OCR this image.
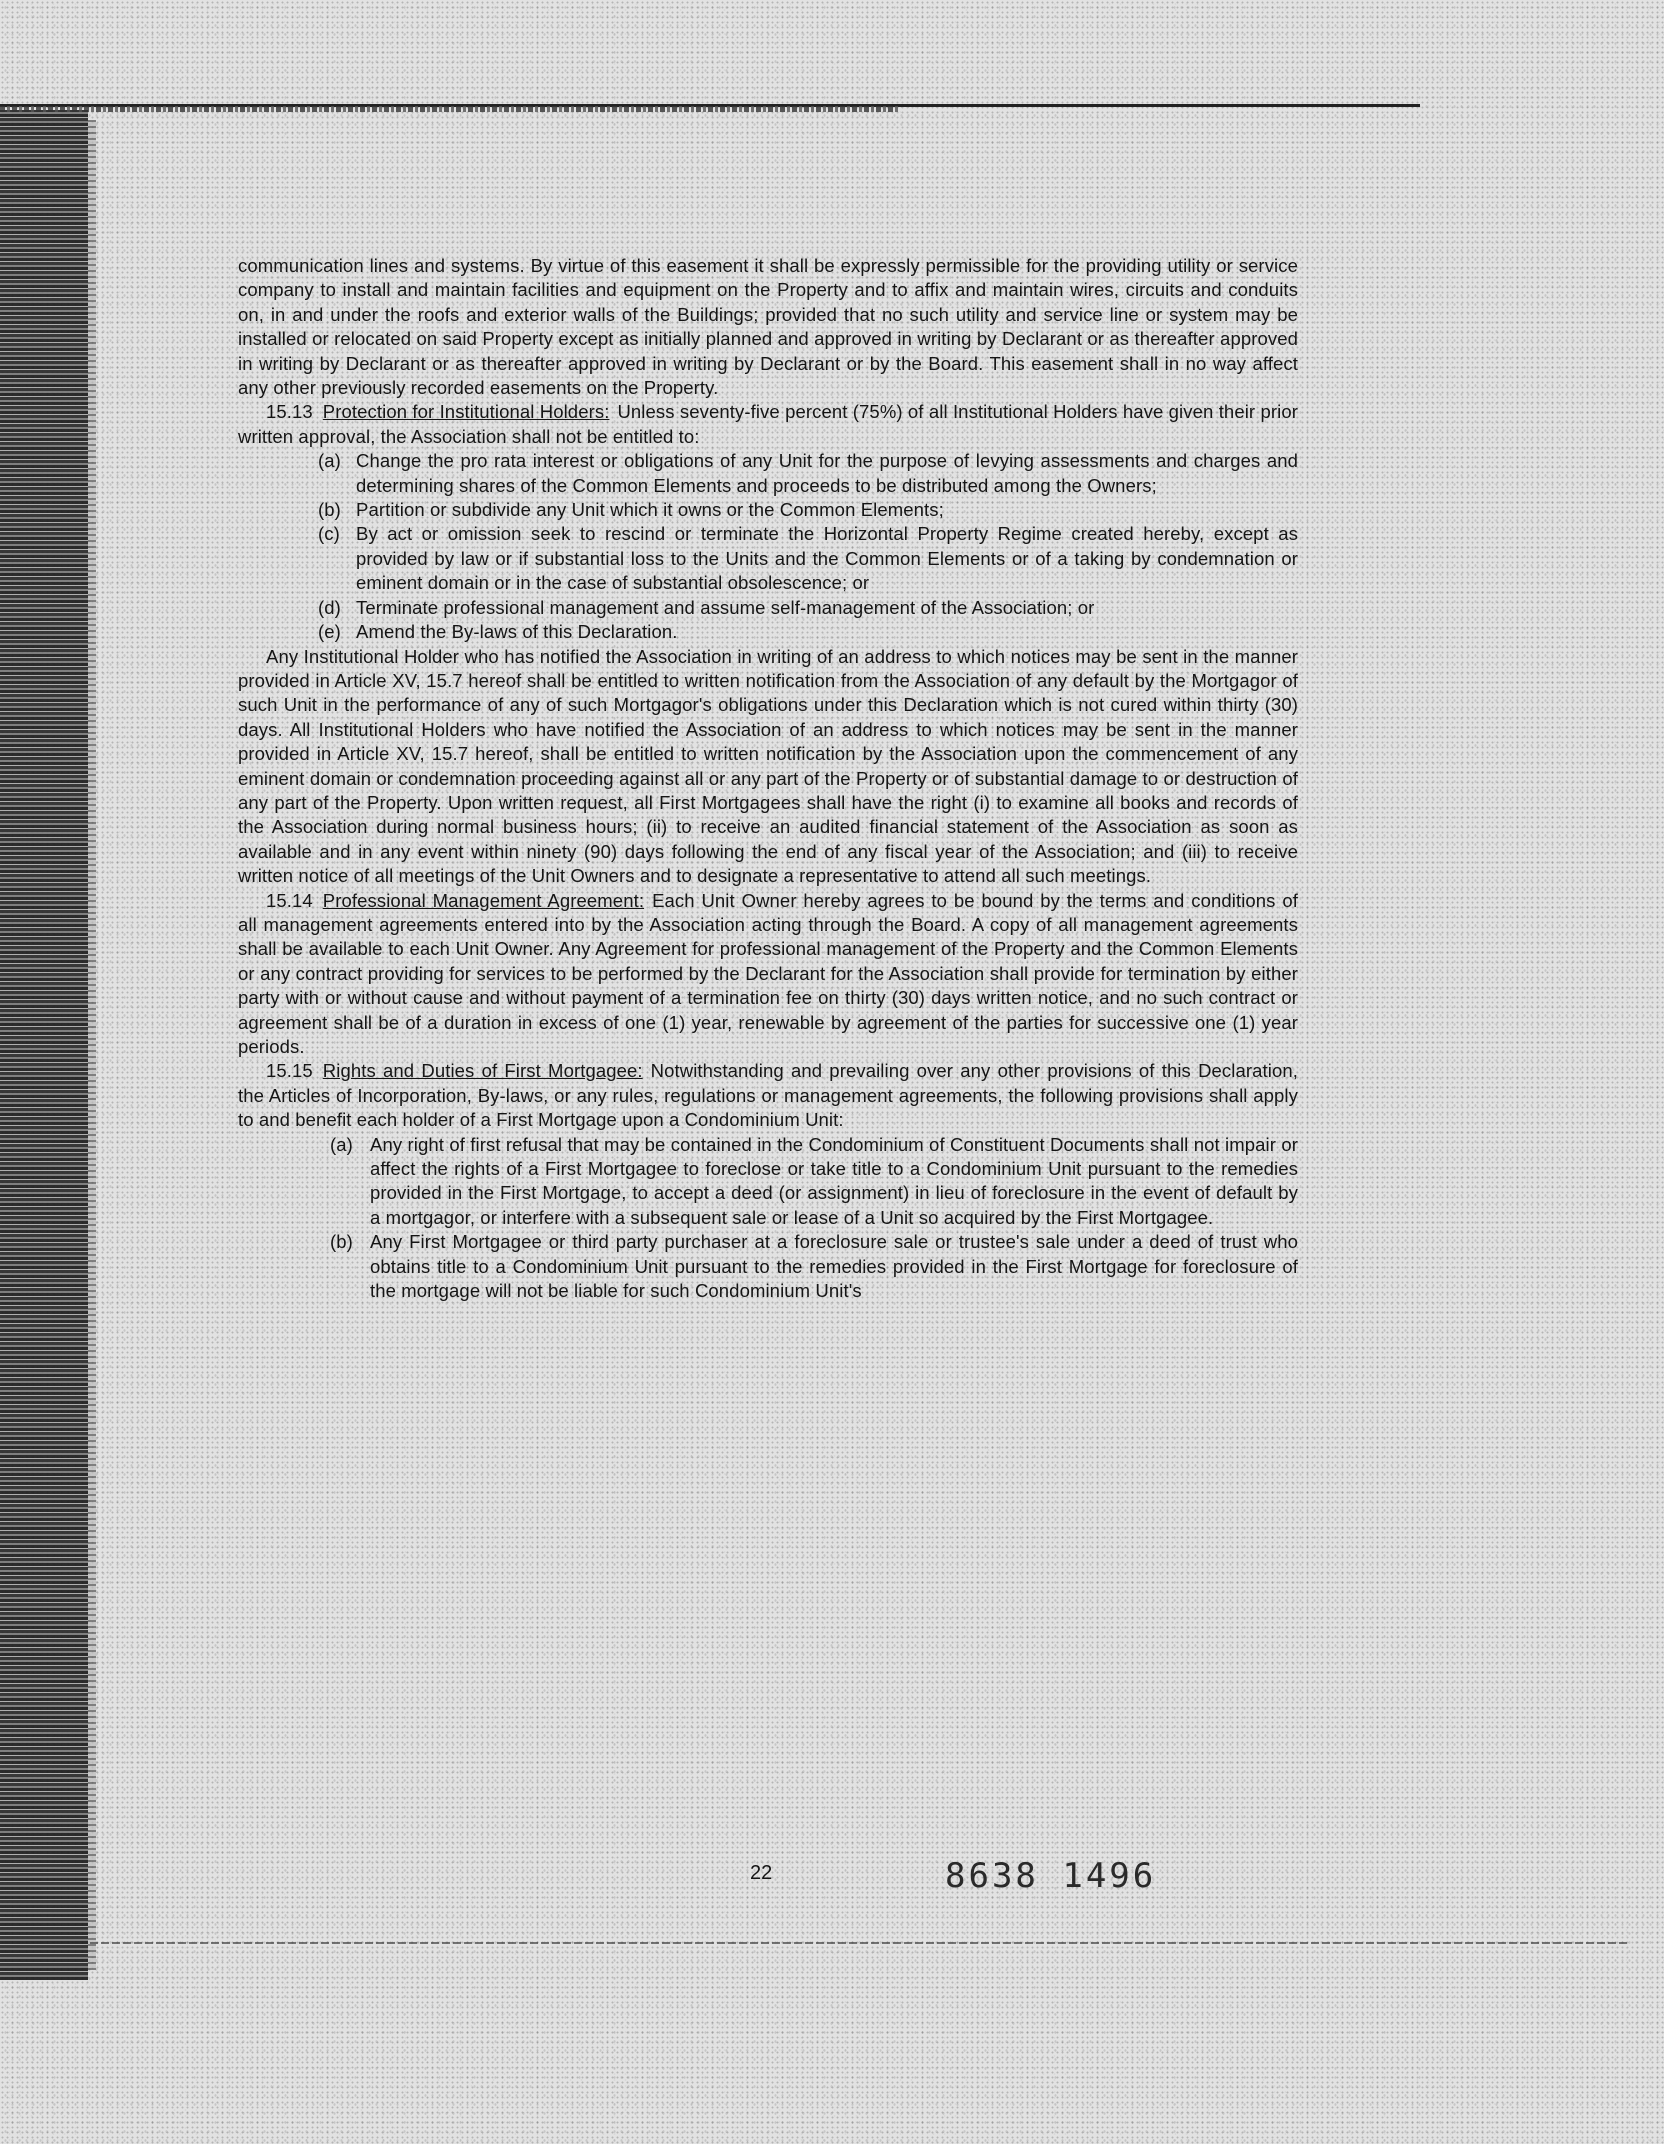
communication lines and systems. By virtue of this easement it shall be expressly permissible for the providing utility or service company to install and maintain facilities and equipment on the Property and to affix and maintain wires, circuits and conduits on, in and under the roofs and exterior walls of the Buildings; provided that no such utility and service line or system may be installed or relocated on said Property except as initially planned and approved in writing by Declarant or as thereafter approved in writing by Declarant or as thereafter approved in writing by Declarant or by the Board. This easement shall in no way affect any other previously recorded easements on the Property.

15.13 Protection for Institutional Holders: Unless seventy-five percent (75%) of all Institutional Holders have given their prior written approval, the Association shall not be entitled to:

(a) Change the pro rata interest or obligations of any Unit for the purpose of levying assessments and charges and determining shares of the Common Elements and proceeds to be distributed among the Owners;

(b) Partition or subdivide any Unit which it owns or the Common Elements;

(c) By act or omission seek to rescind or terminate the Horizontal Property Regime created hereby, except as provided by law or if substantial loss to the Units and the Common Elements or of a taking by condemnation or eminent domain or in the case of substantial obsolescence; or

(d) Terminate professional management and assume self-management of the Association; or

(e) Amend the By-laws of this Declaration.

Any Institutional Holder who has notified the Association in writing of an address to which notices may be sent in the manner provided in Article XV, 15.7 hereof shall be entitled to written notification from the Association of any default by the Mortgagor of such Unit in the performance of any of such Mortgagor's obligations under this Declaration which is not cured within thirty (30) days. All Institutional Holders who have notified the Association of an address to which notices may be sent in the manner provided in Article XV, 15.7 hereof, shall be entitled to written notification by the Association upon the commencement of any eminent domain or condemnation proceeding against all or any part of the Property or of substantial damage to or destruction of any part of the Property. Upon written request, all First Mortgagees shall have the right (i) to examine all books and records of the Association during normal business hours; (ii) to receive an audited financial statement of the Association as soon as available and in any event within ninety (90) days following the end of any fiscal year of the Association; and (iii) to receive written notice of all meetings of the Unit Owners and to designate a representative to attend all such meetings.

15.14 Professional Management Agreement: Each Unit Owner hereby agrees to be bound by the terms and conditions of all management agreements entered into by the Association acting through the Board. A copy of all management agreements shall be available to each Unit Owner. Any Agreement for professional management of the Property and the Common Elements or any contract providing for services to be performed by the Declarant for the Association shall provide for termination by either party with or without cause and without payment of a termination fee on thirty (30) days written notice, and no such contract or agreement shall be of a duration in excess of one (1) year, renewable by agreement of the parties for successive one (1) year periods.

15.15 Rights and Duties of First Mortgagee: Notwithstanding and prevailing over any other provisions of this Declaration, the Articles of Incorporation, By-laws, or any rules, regulations or management agreements, the following provisions shall apply to and benefit each holder of a First Mortgage upon a Condominium Unit:

(a) Any right of first refusal that may be contained in the Condominium of Constituent Documents shall not impair or affect the rights of a First Mortgagee to foreclose or take title to a Condominium Unit pursuant to the remedies provided in the First Mortgage, to accept a deed (or assignment) in lieu of foreclosure in the event of default by a mortgagor, or interfere with a subsequent sale or lease of a Unit so acquired by the First Mortgagee.

(b) Any First Mortgagee or third party purchaser at a foreclosure sale or trustee's sale under a deed of trust who obtains title to a Condominium Unit pursuant to the remedies provided in the First Mortgage for foreclosure of the mortgage will not be liable for such Condominium Unit's

22	8638 1496
